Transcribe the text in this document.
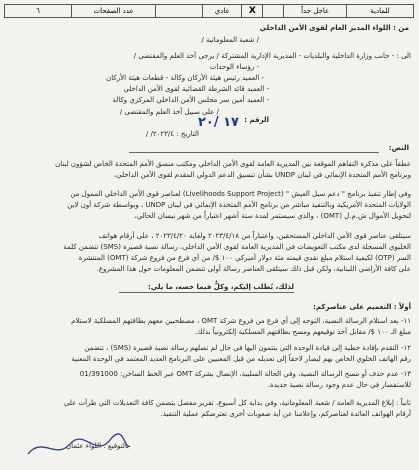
للمادية	عاجل جداً		X	عادي		عدد الصفحات	٦
من : اللواء المدير العام لقوى الأمن الداخلي
/ شعبة المعلوماتية /
الى : - جانب وزارة الداخلية والبلديات - المديرية الإدارية المشتركة / يرجى أخذ العلم والمقتضى /
- رؤساء الوحدات
- العميد رئيس هيئة الأركان وكالة - قطعات هيئة الأركان
- العميد قائد الشرطة القضائية لقوى الأمن الداخلي
- العميد أمين سر مجلس الأمن الداخلي المركزي وكالة
/ على سبيل أخذ العلم والمقتضى /
الرقم :
١٧ /٢٠
التاريخ : ٢٠٢٣/٤/ /
النص:
عطفاً على مذكرة التفاهم الموقعة بين المديرية العامة لقوى الأمن الداخلي ومكتب منسق الأمم المتحدة الخاص لشؤون لبنان
وبرنامج الأمم المتحدة الإنمائي في لبنان UNDP بشأن تنسيق الدعم الدولي المقدم لقوى الأمن الداخلي،
وفي إطار تنفيذ برنامج " دعم سبل العيش " (Livelihoods Support Project) لعناصر قوى الأمن الداخلي الممول من
الولايات المتحدة الأمريكية وبالتنفيذ مباشر من برنامج الأمم المتحدة الإنمائي في لبنان UNDP ، وبواسطة شركة أون لاين
لتحويل الأموال ش.م.ل (OMT) ، والذي سيستمر لمدة ستة أشهر اعتباراً من شهر نيسان الحالي،
سيتلقى عناصر قوى الأمن الداخلي المستحقين، واعتباراً من ٢٠٢٣/٤/١٨ ولغاية ٢٠٢٣/٤/٢٠ ، على أرقام هواتف
الخليوي المسجلة لدى مكتب التعويضات في المديرية العامة لقوى الأمن الداخلي، رسالة نصية قصيرة (SMS) تتضمن كلمة
السر (OTP) لكيفية استلام مبلغ نقدي قيمته مئة دولار أميركي ١٠٠ $/ من أي فرع من فروع شركة (OMT) المنتشرة
على كافة الأراضي اللبنانية، ولكن قبل ذلك سيتلقى العناصر رسالة أولى تتضمن المعلومات حول هذا المشروع.
لذلك، يُطلب إليكم، وكلٌّ فيما خصه، ما يلي:
أولاً : التعميم على عناصركم:
١١- بعد استلام الرسالة النصية، التوجه إلى أي فرع من فروع شركة OMT ، مصطحبين معهم بطاقتهم المسلكية لاستلام
مبلغ الـ ١٠٠ $/ مقابل أخذ توقيعهم ومسح بطاقتهم المسلكية إلكترونياً بذلك.
١٢- التقدم بإفادة خطية إلى قيادة الوحدة التي ينتمون اليها في حال لم تصلهم رسالة نصية قصيرة (SMS) ، تتضمن
رقم الهاتف الخلوي الخاص بهم ليصار لاحقاً إلى تعديله من قبل المعنيين على البرنامج العديد المعتمد في الوحدة المعنية
١٣- عدم حذف أو مسح الرسالة النصية، وفي الحالة السلبية، الإتصال بشركة OMT عبر الخط الساخن: 01/391000
للاستفسار في حال عدم وجود رسالة نصية جديدة.
ثانياً : إبلاغ المديرية العامة / شعبة المعلوماتية، وفي بداية كل أسبوع، تقرير مفصل يتضمن كافة التعديلات التي طرأت على
أرقام الهواتف العائدة لعناصركم، وإعلامنا عن أية صعوبات أخرى تعترضكم عملية التنفيذ.
بالتوقيع : اللواء عثمان
